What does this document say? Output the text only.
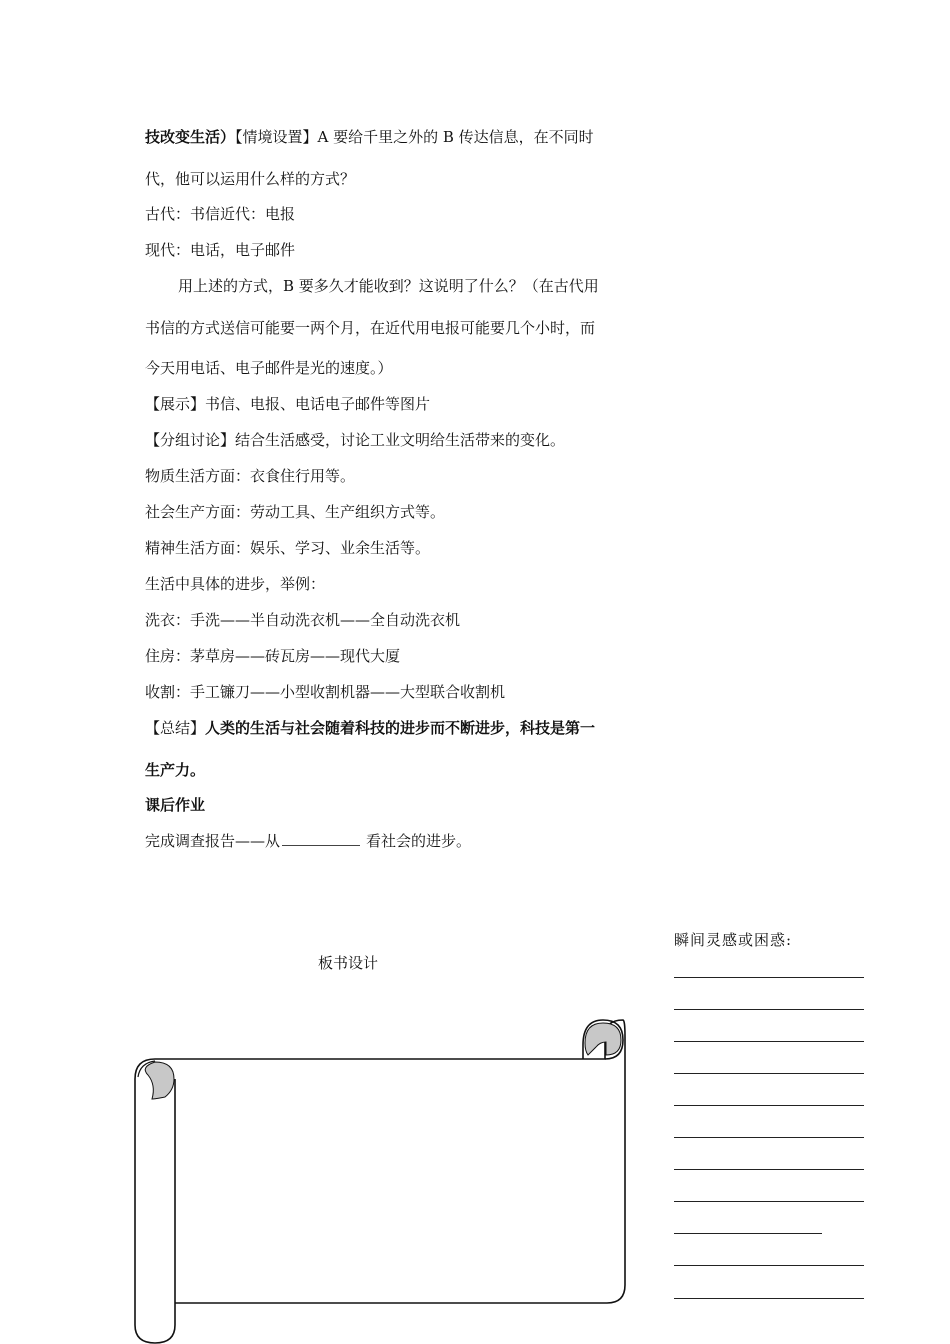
技改变生活）【情境设置】A 要给千里之外的 B 传达信息，在不同时
代，他可以运用什么样的方式？
古代：书信近代：电报
现代：电话，电子邮件
用上述的方式，B 要多久才能收到？这说明了什么？（在古代用
书信的方式送信可能要一两个月，在近代用电报可能要几个小时，而
今天用电话、电子邮件是光的速度。）
【展示】书信、电报、电话电子邮件等图片
【分组讨论】结合生活感受，讨论工业文明给生活带来的变化。
物质生活方面：衣食住行用等。
社会生产方面：劳动工具、生产组织方式等。
精神生活方面：娱乐、学习、业余生活等。
生活中具体的进步，举例：
洗衣：手洗——半自动洗衣机——全自动洗衣机
住房：茅草房——砖瓦房——现代大厦
收割：手工镰刀——小型收割机器——大型联合收割机
【总结】人类的生活与社会随着科技的进步而不断进步，科技是第一
生产力。
课后作业
完成调查报告——从	看社会的进步。
板书设计
瞬间灵感或困惑:
